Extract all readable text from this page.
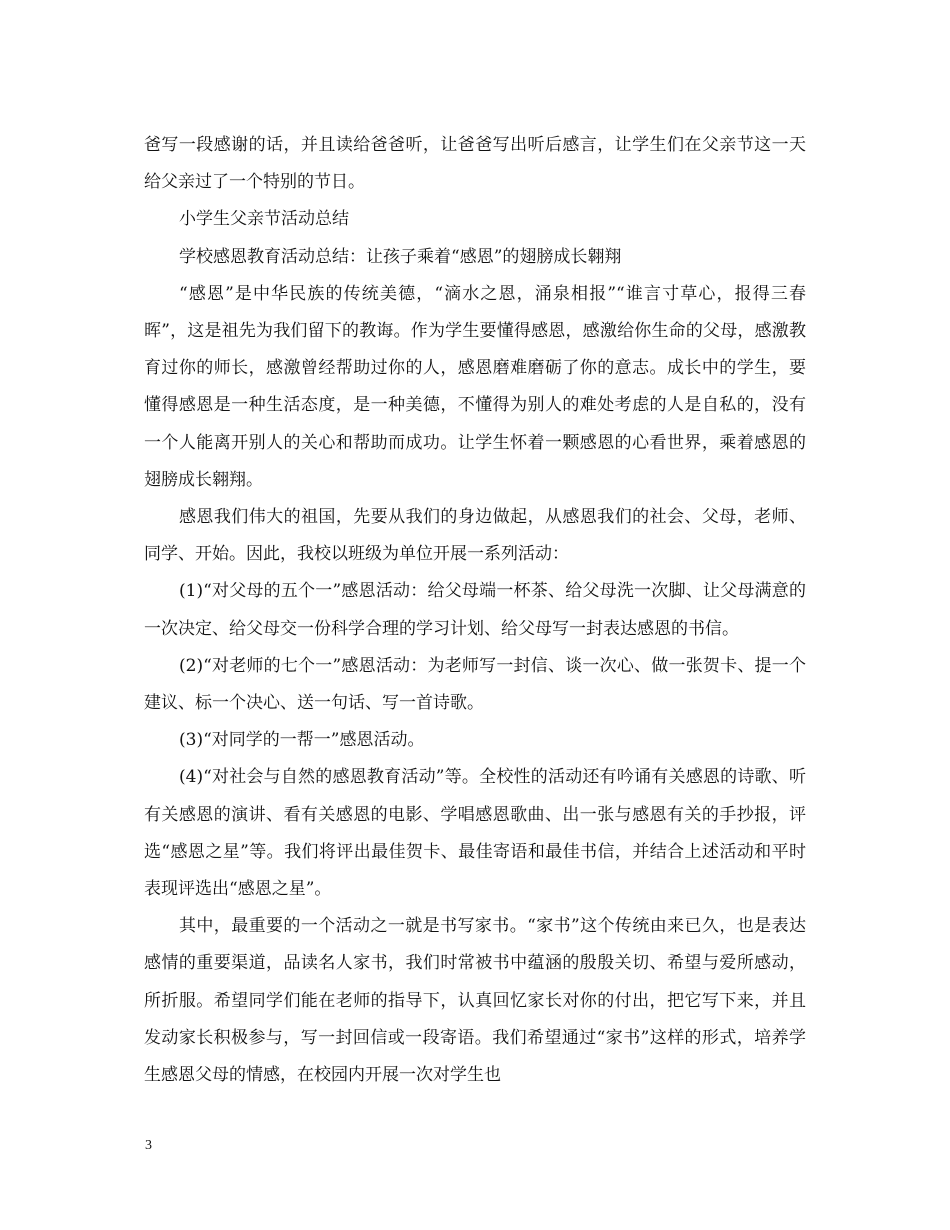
爸写一段感谢的话，并且读给爸爸听，让爸爸写出听后感言，让学生们在父亲节这一天给父亲过了一个特别的节日。

小学生父亲节活动总结

学校感恩教育活动总结：让孩子乘着“感恩”的翅膀成长翱翔

“感恩”是中华民族的传统美德，“滴水之恩，涌泉相报”“谁言寸草心，报得三春晖”，这是祖先为我们留下的教诲。作为学生要懂得感恩，感激给你生命的父母，感激教育过你的师长，感激曾经帮助过你的人，感恩磨难磨砺了你的意志。成长中的学生，要懂得感恩是一种生活态度，是一种美德，不懂得为别人的难处考虑的人是自私的，没有一个人能离开别人的关心和帮助而成功。让学生怀着一颗感恩的心看世界，乘着感恩的翅膀成长翱翔。

感恩我们伟大的祖国，先要从我们的身边做起，从感恩我们的社会、父母，老师、同学、开始。因此，我校以班级为单位开展一系列活动：

(1)“对父母的五个一”感恩活动：给父母端一杯茶、给父母洗一次脚、让父母满意的一次决定、给父母交一份科学合理的学习计划、给父母写一封表达感恩的书信。

(2)“对老师的七个一”感恩活动：为老师写一封信、谈一次心、做一张贺卡、提一个建议、标一个决心、送一句话、写一首诗歌。

(3)“对同学的一帮一”感恩活动。

(4)“对社会与自然的感恩教育活动”等。全校性的活动还有吟诵有关感恩的诗歌、听有关感恩的演讲、看有关感恩的电影、学唱感恩歌曲、出一张与感恩有关的手抄报，评选“感恩之星”等。我们将评出最佳贺卡、最佳寄语和最佳书信，并结合上述活动和平时表现评选出“感恩之星”。

其中，最重要的一个活动之一就是书写家书。“家书”这个传统由来已久，也是表达感情的重要渠道，品读名人家书，我们时常被书中蕴涵的殷殷关切、希望与爱所感动，所折服。希望同学们能在老师的指导下，认真回忆家长对你的付出，把它写下来，并且发动家长积极参与，写一封回信或一段寄语。我们希望通过“家书”这样的形式，培养学生感恩父母的情感，在校园内开展一次对学生也

3
